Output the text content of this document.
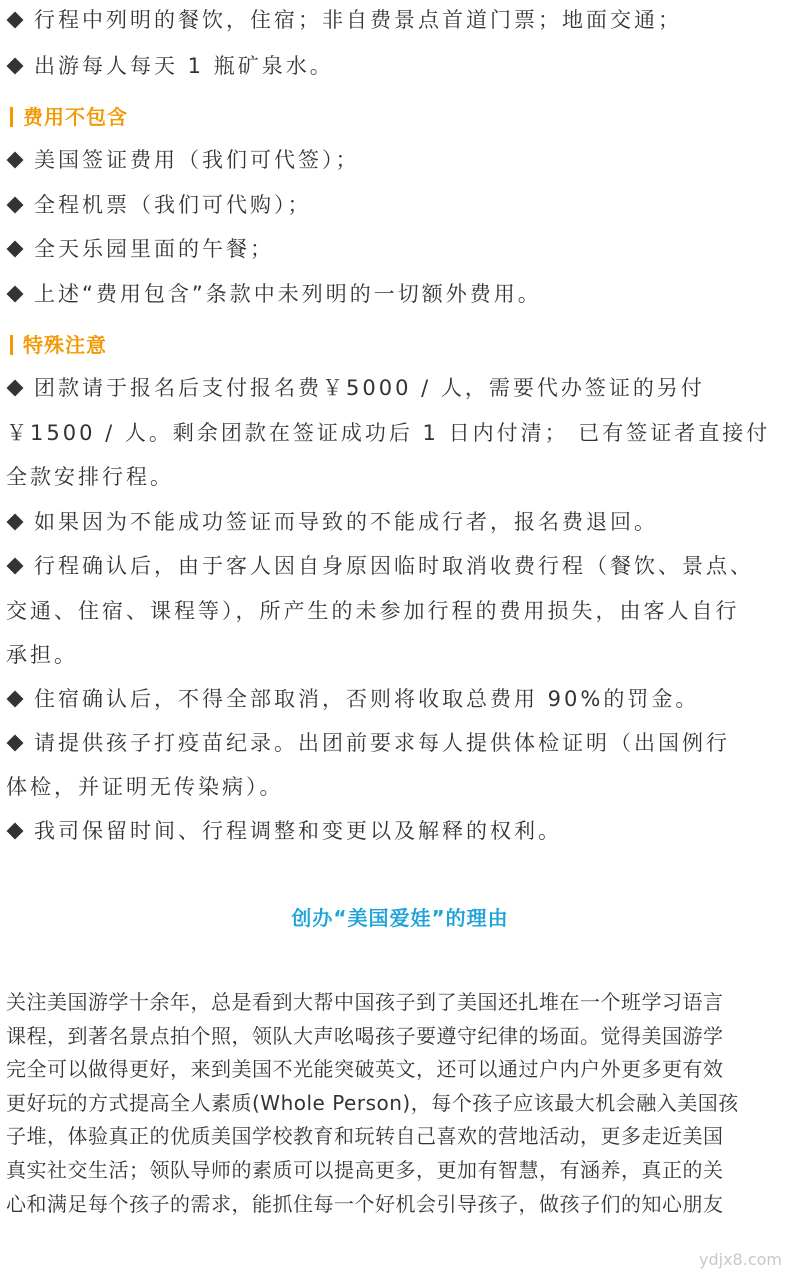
行程中列明的餐饮，住宿；非自费景点首道门票；地面交通；
出游每人每天 1 瓶矿泉水。
费用不包含
美国签证费用（我们可代签）；
全程机票（我们可代购）；
全天乐园里面的午餐；
上述“费用包含”条款中未列明的一切额外费用。
特殊注意
团款请于报名后支付报名费￥5000 / 人，需要代办签证的另付
￥1500 / 人。剩余团款在签证成功后 1 日内付清； 已有签证者直接付
全款安排行程。
如果因为不能成功签证而导致的不能成行者，报名费退回。
行程确认后，由于客人因自身原因临时取消收费行程（餐饮、景点、
交通、住宿、课程等），所产生的未参加行程的费用损失，由客人自行
承担。
住宿确认后，不得全部取消，否则将收取总费用 90%的罚金。
请提供孩子打疫苗纪录。出团前要求每人提供体检证明（出国例行
体检，并证明无传染病）。
我司保留时间、行程调整和变更以及解释的权利。
创办“美国爱娃”的理由
关注美国游学十余年，总是看到大帮中国孩子到了美国还扎堆在一个班学习语言
课程，到著名景点拍个照，领队大声吆喝孩子要遵守纪律的场面。觉得美国游学
完全可以做得更好，来到美国不光能突破英文，还可以通过户内户外更多更有效
更好玩的方式提高全人素质(Whole Person)，每个孩子应该最大机会融入美国孩
子堆，体验真正的优质美国学校教育和玩转自己喜欢的营地活动，更多走近美国
真实社交生活；领队导师的素质可以提高更多，更加有智慧，有涵养，真正的关
心和满足每个孩子的需求，能抓住每一个好机会引导孩子，做孩子们的知心朋友
ydjx8.com
